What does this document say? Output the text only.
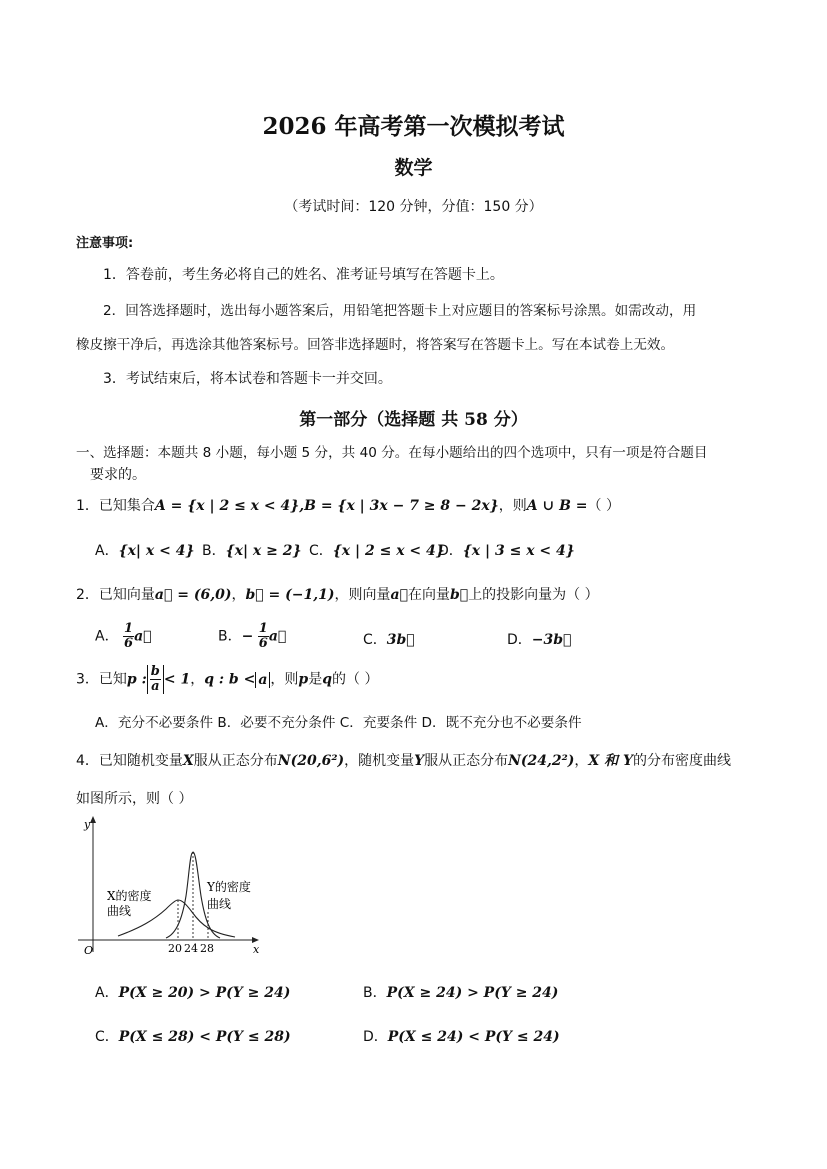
2026 年高考第一次模拟考试
数学
（考试时间：120 分钟，分值：150 分）
注意事项:
1．答卷前，考生务必将自己的姓名、准考证号填写在答题卡上。
2．回答选择题时，选出每小题答案后，用铅笔把答题卡上对应题目的答案标号涂黑。如需改动，用
橡皮擦干净后，再选涂其他答案标号。回答非选择题时，将答案写在答题卡上。写在本试卷上无效。
3．考试结束后，将本试卷和答题卡一并交回。
第一部分（选择题 共 58 分）
一、选择题：本题共 8 小题，每小题 5 分，共 40 分。在每小题给出的四个选项中，只有一项是符合题目
要求的。
1．已知集合A = {x | 2 ≤ x < 4},B = {x | 3x − 7 ≥ 8 − 2x}，则A ∪ B =（ ）
A．{x| x < 4} B．{x| x ≥ 2} C．{x | 2 ≤ x < 4}
D．{x | 3 ≤ x < 4}
2．已知向量a⃗ = (6,0)，b⃗ = (−1,1)，则向量a⃗在向量b⃗上的投影向量为（ ）
A． $\frac{1}{6}$ a⃗	B．− $\frac{1}{6}$ a⃗	C．3b⃗	D．−3b⃗
3．已知p : $\frac{b}{a} < 1$，q : b < a ，则p是q的（ ）
A．充分不必要条件 B．必要不充分条件 C．充要条件 D．既不充分也不必要条件
4．已知随机变量X服从正态分布N(20,6²)，随机变量Y服从正态分布N(24,2²)，X 和 Y的分布密度曲线
如图所示，则（ ）
y
x
O
X的密度
曲线
Y的密度
曲线
20 24 28
A．P(X ≥ 20) > P(Y ≥ 24)	B．P(X ≥ 24) > P(Y ≥ 24)
C．P(X ≤ 28) < P(Y ≤ 28)	D．P(X ≤ 24) < P(Y ≤ 24)
